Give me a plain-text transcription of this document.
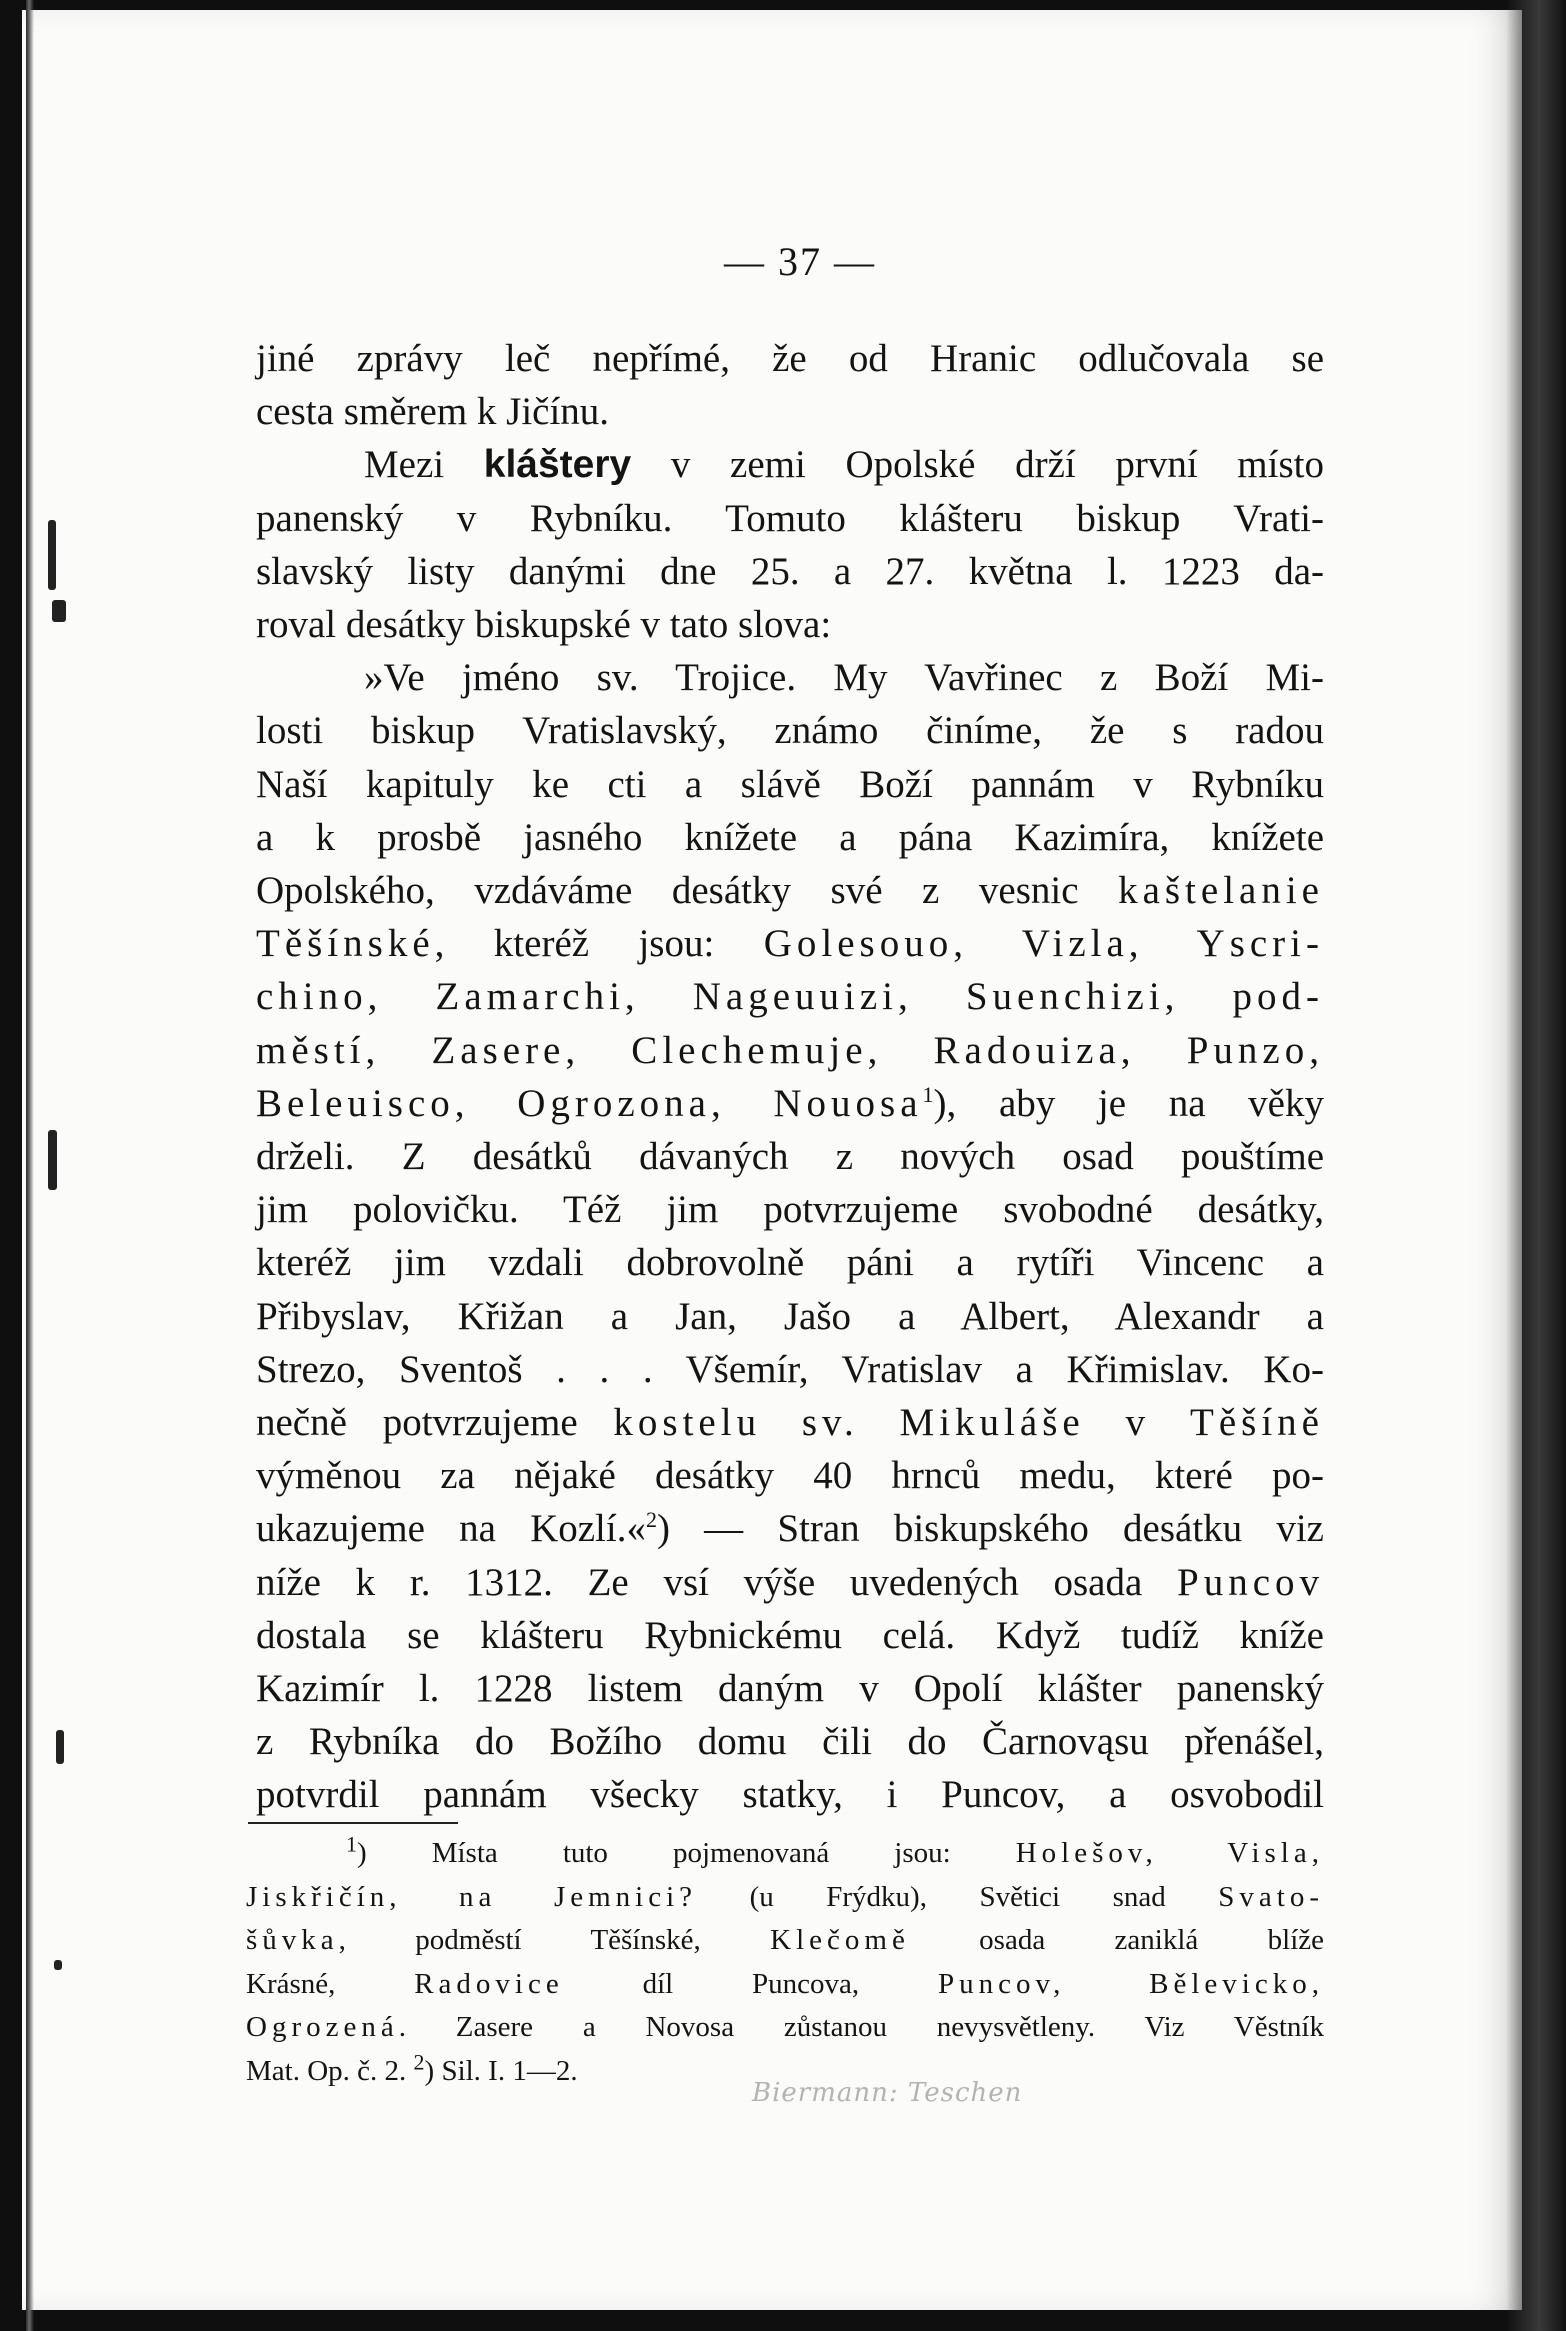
— 37 —
jiné zprávy leč nepřímé, že od Hranic odlučovala se
cesta směrem k Jičínu.
Mezi kláštery v zemi Opolské drží první místo
panenský v Rybníku. Tomuto klášteru biskup Vrati-
slavský listy danými dne 25. a 27. května l. 1223 da-
roval desátky biskupské v tato slova:
»Ve jméno sv. Trojice. My Vavřinec z Boží Mi-
losti biskup Vratislavský, známo činíme, že s radou
Naší kapituly ke cti a slávě Boží pannám v Rybníku
a k prosbě jasného knížete a pána Kazimíra, knížete
Opolského, vzdáváme desátky své z vesnic kaštelanie
Těšínské, kteréž jsou: Golesouo, Vizla, Yscri-
chino, Zamarchi, Nageuuizi, Suenchizi, pod-
městí, Zasere, Clechemuje, Radouiza, Punzo,
Beleuisco, Ogrozona, Nouosa$^1$), aby je na věky
drželi. Z desátků dávaných z nových osad pouštíme
jim polovičku. Též jim potvrzujeme svobodné desátky,
kteréž jim vzdali dobrovolně páni a rytíři Vincenc a
Přibyslav, Křižan a Jan, Jašo a Albert, Alexandr a
Strezo, Sventoš . . . Všemír, Vratislav a Křimislav. Ko-
nečně potvrzujeme kostelu sv. Mikuláše v Těšíně
výměnou za nějaké desátky 40 hrnců medu, které po-
ukazujeme na Kozlí.«$^2$) — Stran biskupského desátku viz
níže k r. 1312. Ze vsí výše uvedených osada Puncov
dostala se klášteru Rybnickému celá. Když tudíž kníže
Kazimír l. 1228 listem daným v Opolí klášter panenský
z Rybníka do Božího domu čili do Čarnovąsu přenášel,
potvrdil pannám všecky statky, i Puncov, a osvobodil
$^1$) Místa tuto pojmenovaná jsou: Holešov, Visla,
Jiskřičín, na Jemnici? (u Frýdku), Světici snad Svato-
šůvka, podměstí Těšínské, Klečomě osada zaniklá blíže
Krásné, Radovice díl Puncova, Puncov, Bělevicko,
Ogrozená. Zasere a Novosa zůstanou nevysvětleny. Viz Věstník
Mat. Op. č. 2. $^2$) Sil. I. 1—2.
Biermann: Teschen
